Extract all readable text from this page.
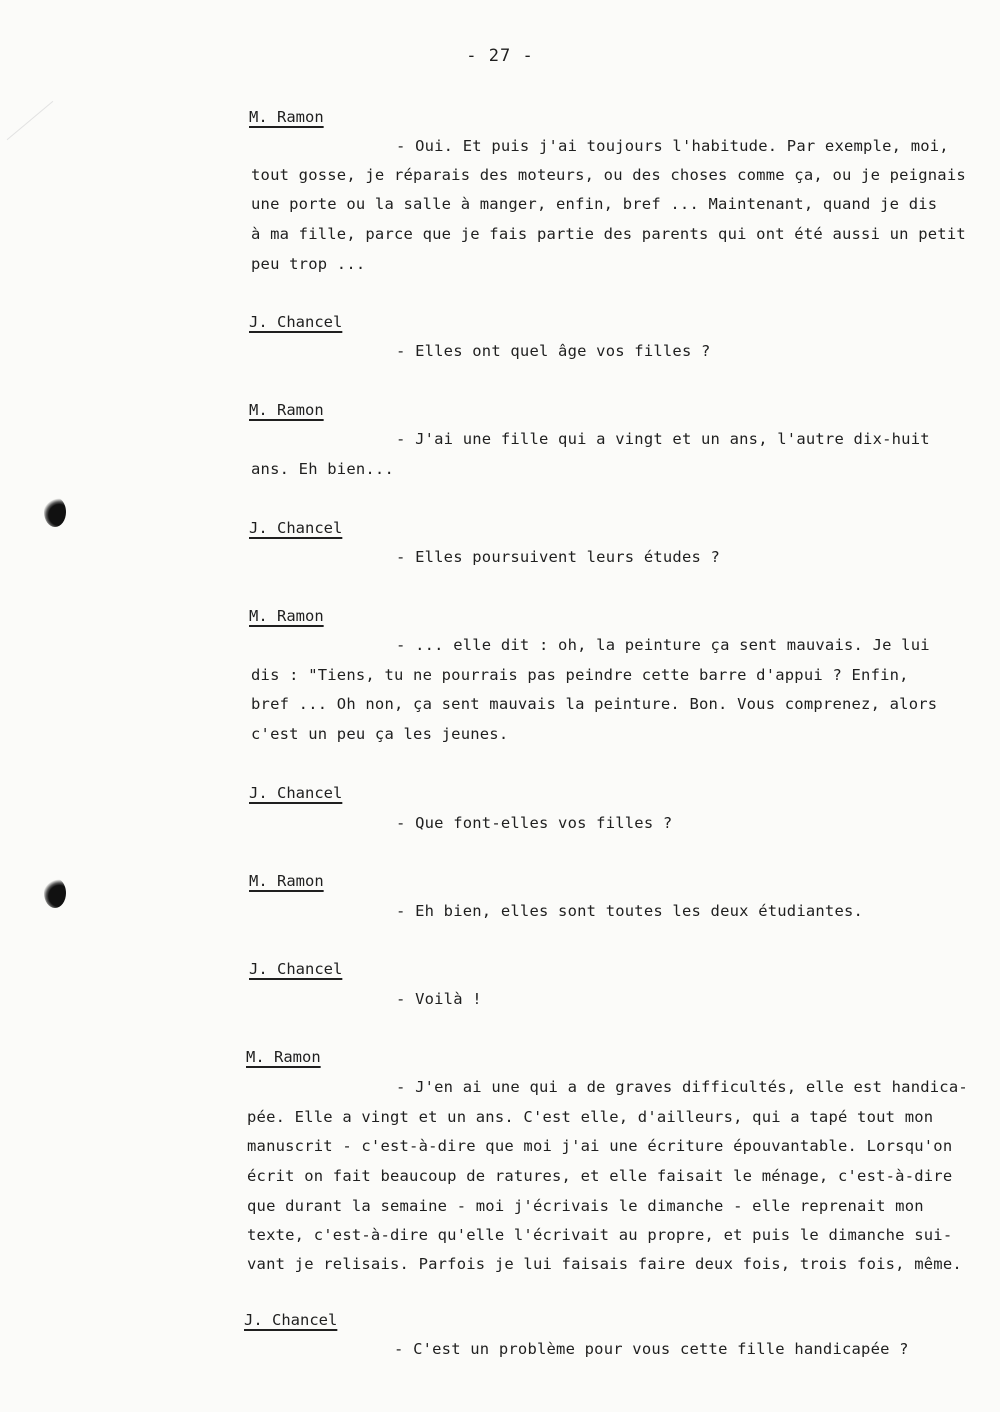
- 27 -
M. Ramon
- Oui. Et puis j'ai toujours l'habitude. Par exemple, moi,
tout gosse, je réparais des moteurs, ou des choses comme ça, ou je peignais
une porte ou la salle à manger, enfin, bref ... Maintenant, quand je dis
à ma fille, parce que je fais partie des parents qui ont été aussi un petit
peu trop ...
J. Chancel
- Elles ont quel âge vos filles ?
M. Ramon
- J'ai une fille qui a vingt et un ans, l'autre dix-huit
ans. Eh bien...
J. Chancel
- Elles poursuivent leurs études ?
M. Ramon
- ... elle dit : oh, la peinture ça sent mauvais. Je lui
dis : "Tiens, tu ne pourrais pas peindre cette barre d'appui ? Enfin,
bref ... Oh non, ça sent mauvais la peinture. Bon. Vous comprenez, alors
c'est un peu ça les jeunes.
J. Chancel
- Que font-elles vos filles ?
M. Ramon
- Eh bien, elles sont toutes les deux étudiantes.
J. Chancel
- Voilà !
M. Ramon
- J'en ai une qui a de graves difficultés, elle est handica-
pée. Elle a vingt et un ans. C'est elle, d'ailleurs, qui a tapé tout mon
manuscrit - c'est-à-dire que moi j'ai une écriture épouvantable. Lorsqu'on
écrit on fait beaucoup de ratures, et elle faisait le ménage, c'est-à-dire
que durant la semaine - moi j'écrivais le dimanche - elle reprenait mon
texte, c'est-à-dire qu'elle l'écrivait au propre, et puis le dimanche sui-
vant je relisais. Parfois je lui faisais faire deux fois, trois fois, même.
J. Chancel
- C'est un problème pour vous cette fille handicapée ?
